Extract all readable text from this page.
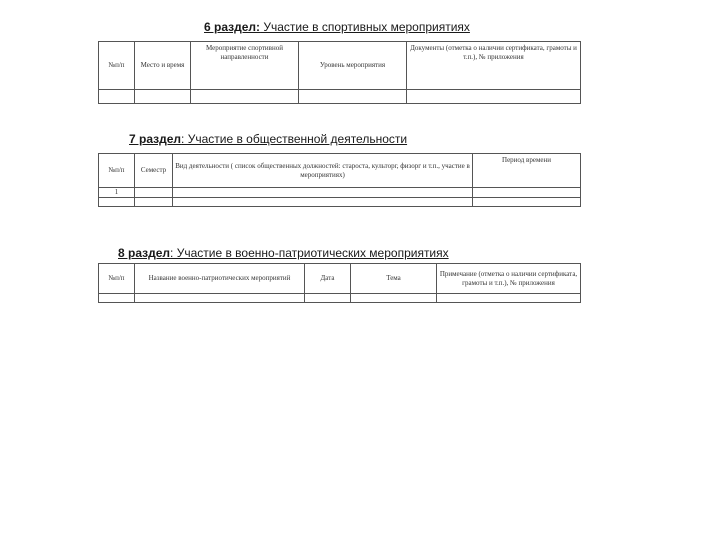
6 раздел: Участие в спортивных мероприятиях
№п/п	Место и время	Мероприятие спортивной направленности	Уровень мероприятия	Документы (отметка о наличии сертификата, грамоты и т.п.), № приложения

7 раздел: Участие в общественной деятельности
№п/п	Семестр	Вид деятельности ( список общественных должностей: староста, культорг, физорг и т.п., участие в мероприятиях)	Период времени
1			

8 раздел: Участие в военно-патриотических мероприятиях
№п/п	Название военно-патриотических мероприятий	Дата	Тема	Примечание (отметка о наличии сертификата, грамоты и т.п.), № приложения
